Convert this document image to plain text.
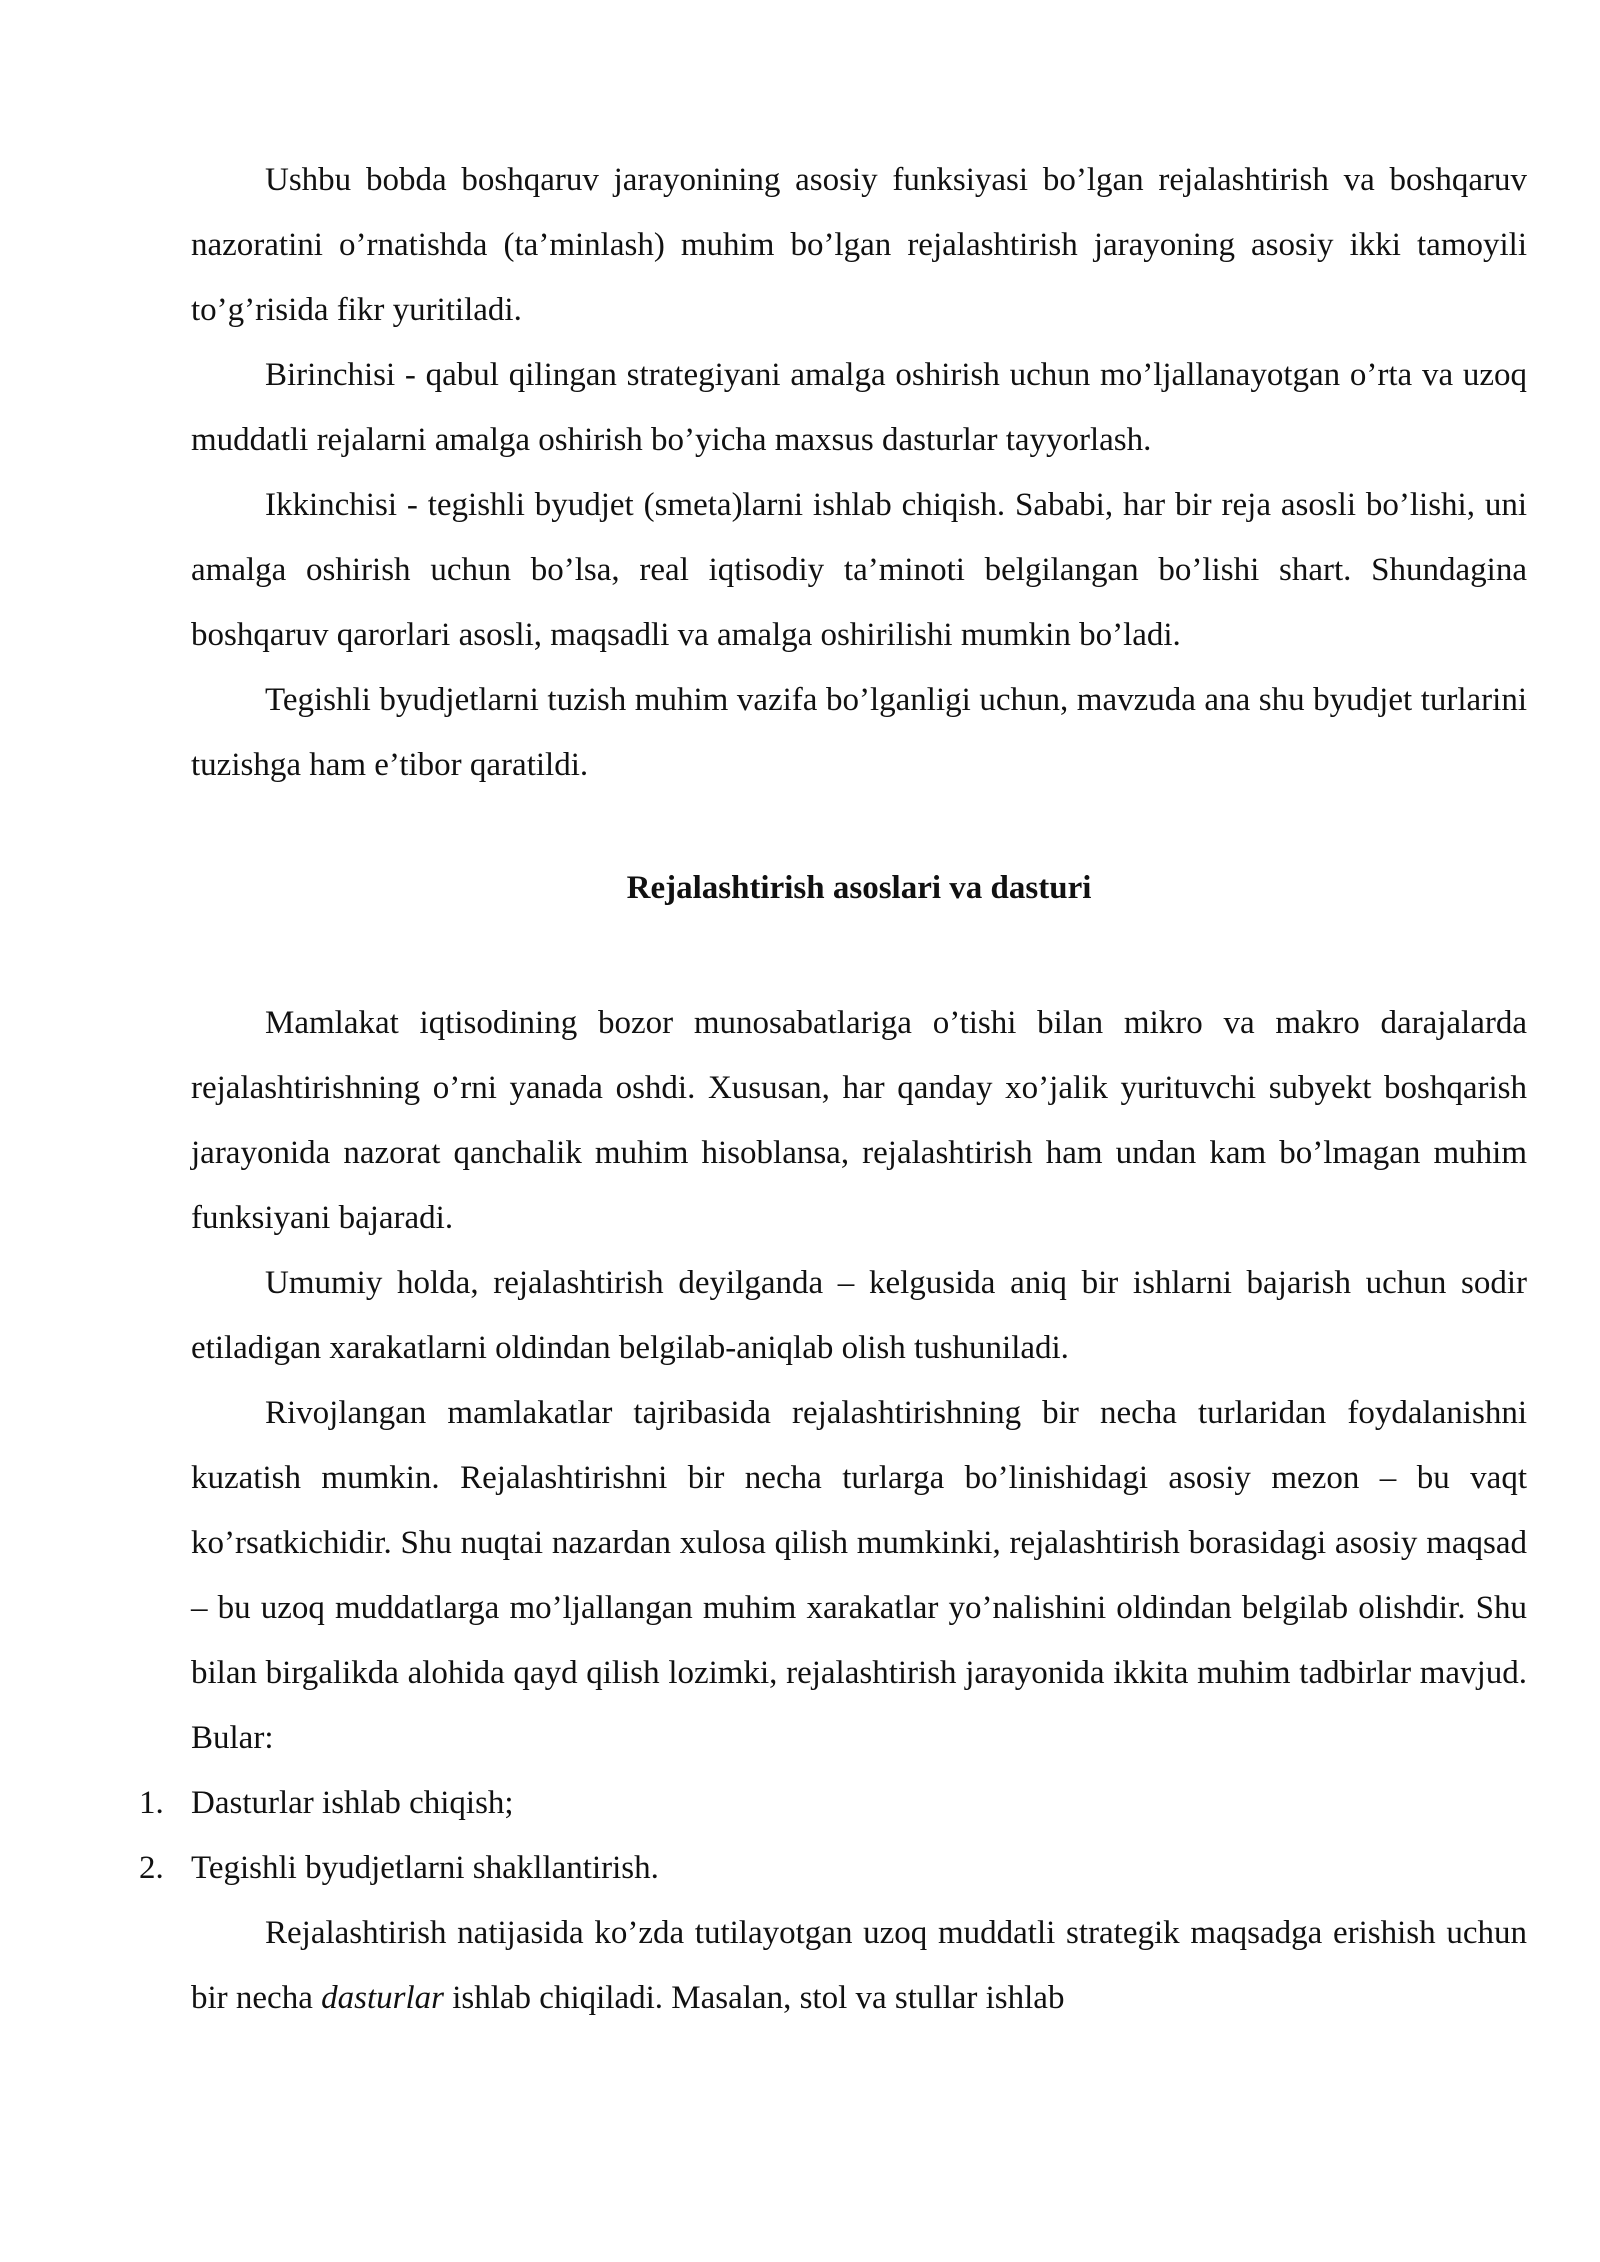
Ushbu bobda boshqaruv jarayonining asosiy funksiyasi bo’lgan rejalashtirish va boshqaruv nazoratini o’rnatishda (ta’minlash) muhim bo’lgan rejalashtirish jarayoning asosiy ikki tamoyili to’g’risida fikr yuritiladi.

Birinchisi - qabul qilingan strategiyani amalga oshirish uchun mo’ljallanayotgan o’rta va uzoq muddatli rejalarni amalga oshirish bo’yicha maxsus dasturlar tayyorlash.

Ikkinchisi - tegishli byudjet (smeta)larni ishlab chiqish. Sababi, har bir reja asosli bo’lishi, uni amalga oshirish uchun bo’lsa, real iqtisodiy ta’minoti belgilangan bo’lishi shart. Shundagina boshqaruv qarorlari asosli, maqsadli va amalga oshirilishi mumkin bo’ladi.

Tegishli byudjetlarni tuzish muhim vazifa bo’lganligi uchun, mavzuda ana shu byudjet turlarini tuzishga ham e’tibor qaratildi.

Rejalashtirish asoslari va dasturi

Mamlakat iqtisodining bozor munosabatlariga o’tishi bilan mikro va makro darajalarda rejalashtirishning o’rni yanada oshdi. Xususan, har qanday xo’jalik yurituvchi subyekt boshqarish jarayonida nazorat qanchalik muhim hisoblansa, rejalashtirish ham undan kam bo’lmagan muhim funksiyani bajaradi.

Umumiy holda, rejalashtirish deyilganda – kelgusida aniq bir ishlarni bajarish uchun sodir etiladigan xarakatlarni oldindan belgilab-aniqlab olish tushuniladi.

Rivojlangan mamlakatlar tajribasida rejalashtirishning bir necha turlaridan foydalanishni kuzatish mumkin. Rejalashtirishni bir necha turlarga bo’linishidagi asosiy mezon – bu vaqt ko’rsatkichidir. Shu nuqtai nazardan xulosa qilish mumkinki, rejalashtirish borasidagi asosiy maqsad – bu uzoq muddatlarga mo’ljallangan muhim xarakatlar yo’nalishini oldindan belgilab olishdir. Shu bilan birgalikda alohida qayd qilish lozimki, rejalashtirish jarayonida ikkita muhim tadbirlar mavjud. Bular:

1. Dasturlar ishlab chiqish;
2. Tegishli byudjetlarni shakllantirish.

Rejalashtirish natijasida ko’zda tutilayotgan uzoq muddatli strategik maqsadga erishish uchun bir necha dasturlar ishlab chiqiladi. Masalan, stol va stullar ishlab
